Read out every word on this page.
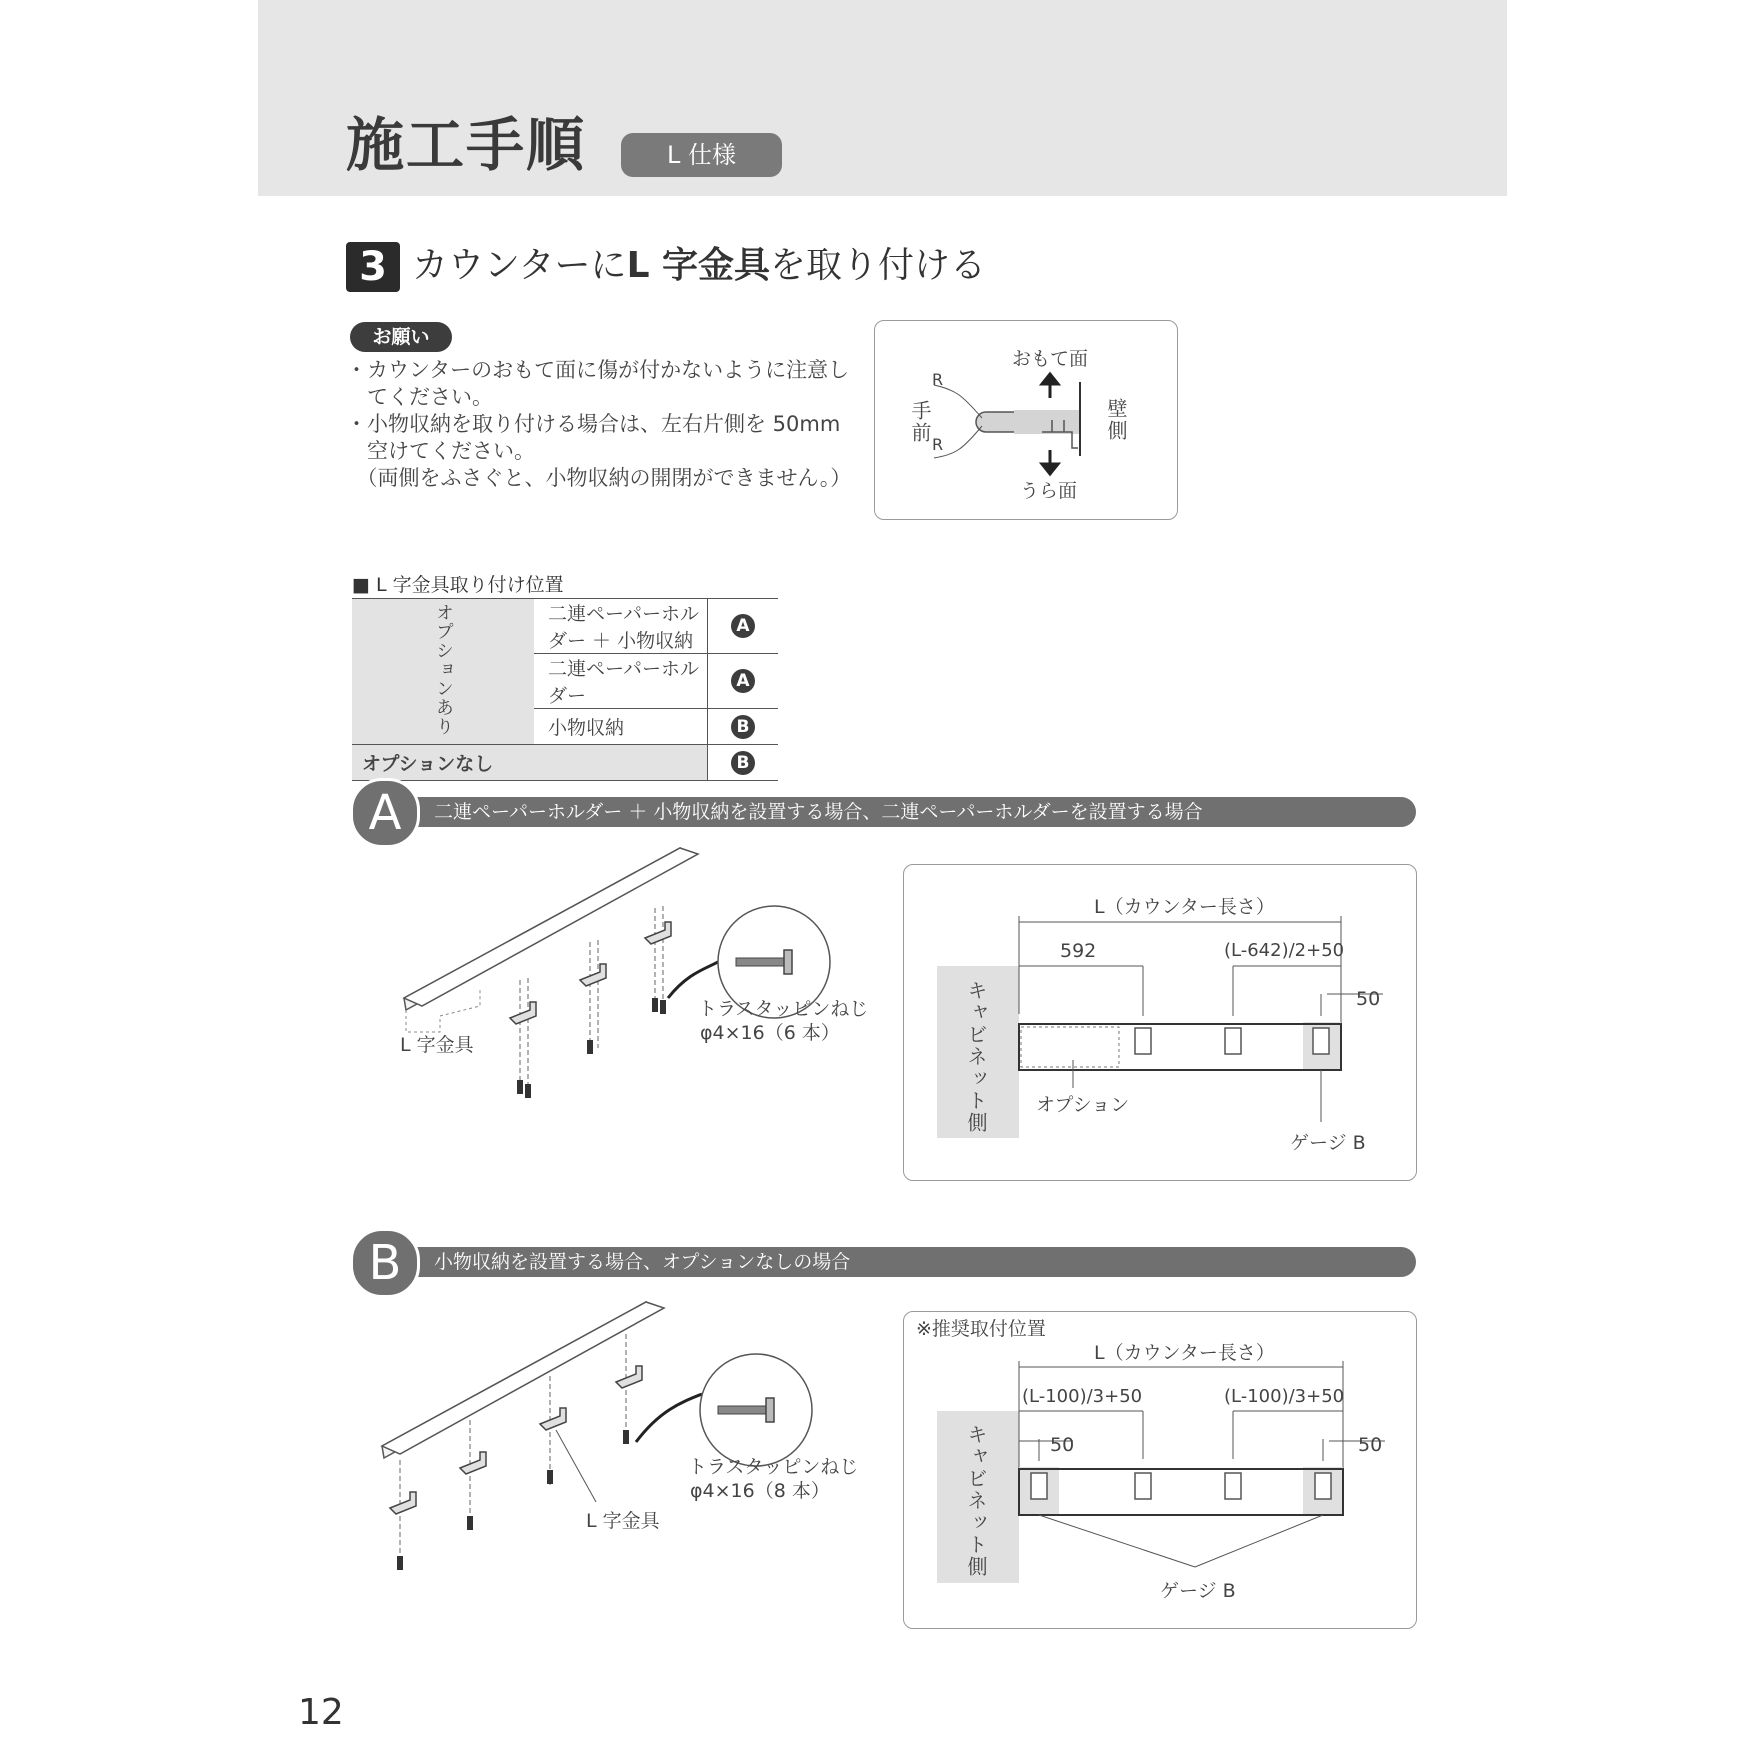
施工手順	L 仕様
3 カウンターにL 字金具を取り付ける
お願い
・カウンターのおもて面に傷が付かないように注意し
　てください。
・小物収納を取り付ける場合は、左右片側を 50mm
　空けてください。
　（両側をふさぐと、小物収納の開閉ができません。）
おもて面
うら面
手前	壁側
R
R
■ L 字金具取り付け位置
オプションあり	二連ペーパーホルダー ＋ 小物収納	A
	二連ペーパーホルダー	A
	小物収納	B
オプションなし		B
二連ペーパーホルダー ＋ 小物収納を設置する場合、二連ペーパーホルダーを設置する場合
A
L 字金具
トラスタッピンねじ
φ4×16（6 本）
L（カウンター長さ）
592	(L-642)/2+50
50
キャビネット側	オプション
ゲージ B
小物収納を設置する場合、オプションなしの場合
B
L 字金具
トラスタッピンねじ
φ4×16（8 本）
※推奨取付位置
L（カウンター長さ）
(L-100)/3+50	(L-100)/3+50
50	50
キャビネット側
ゲージ B
12
